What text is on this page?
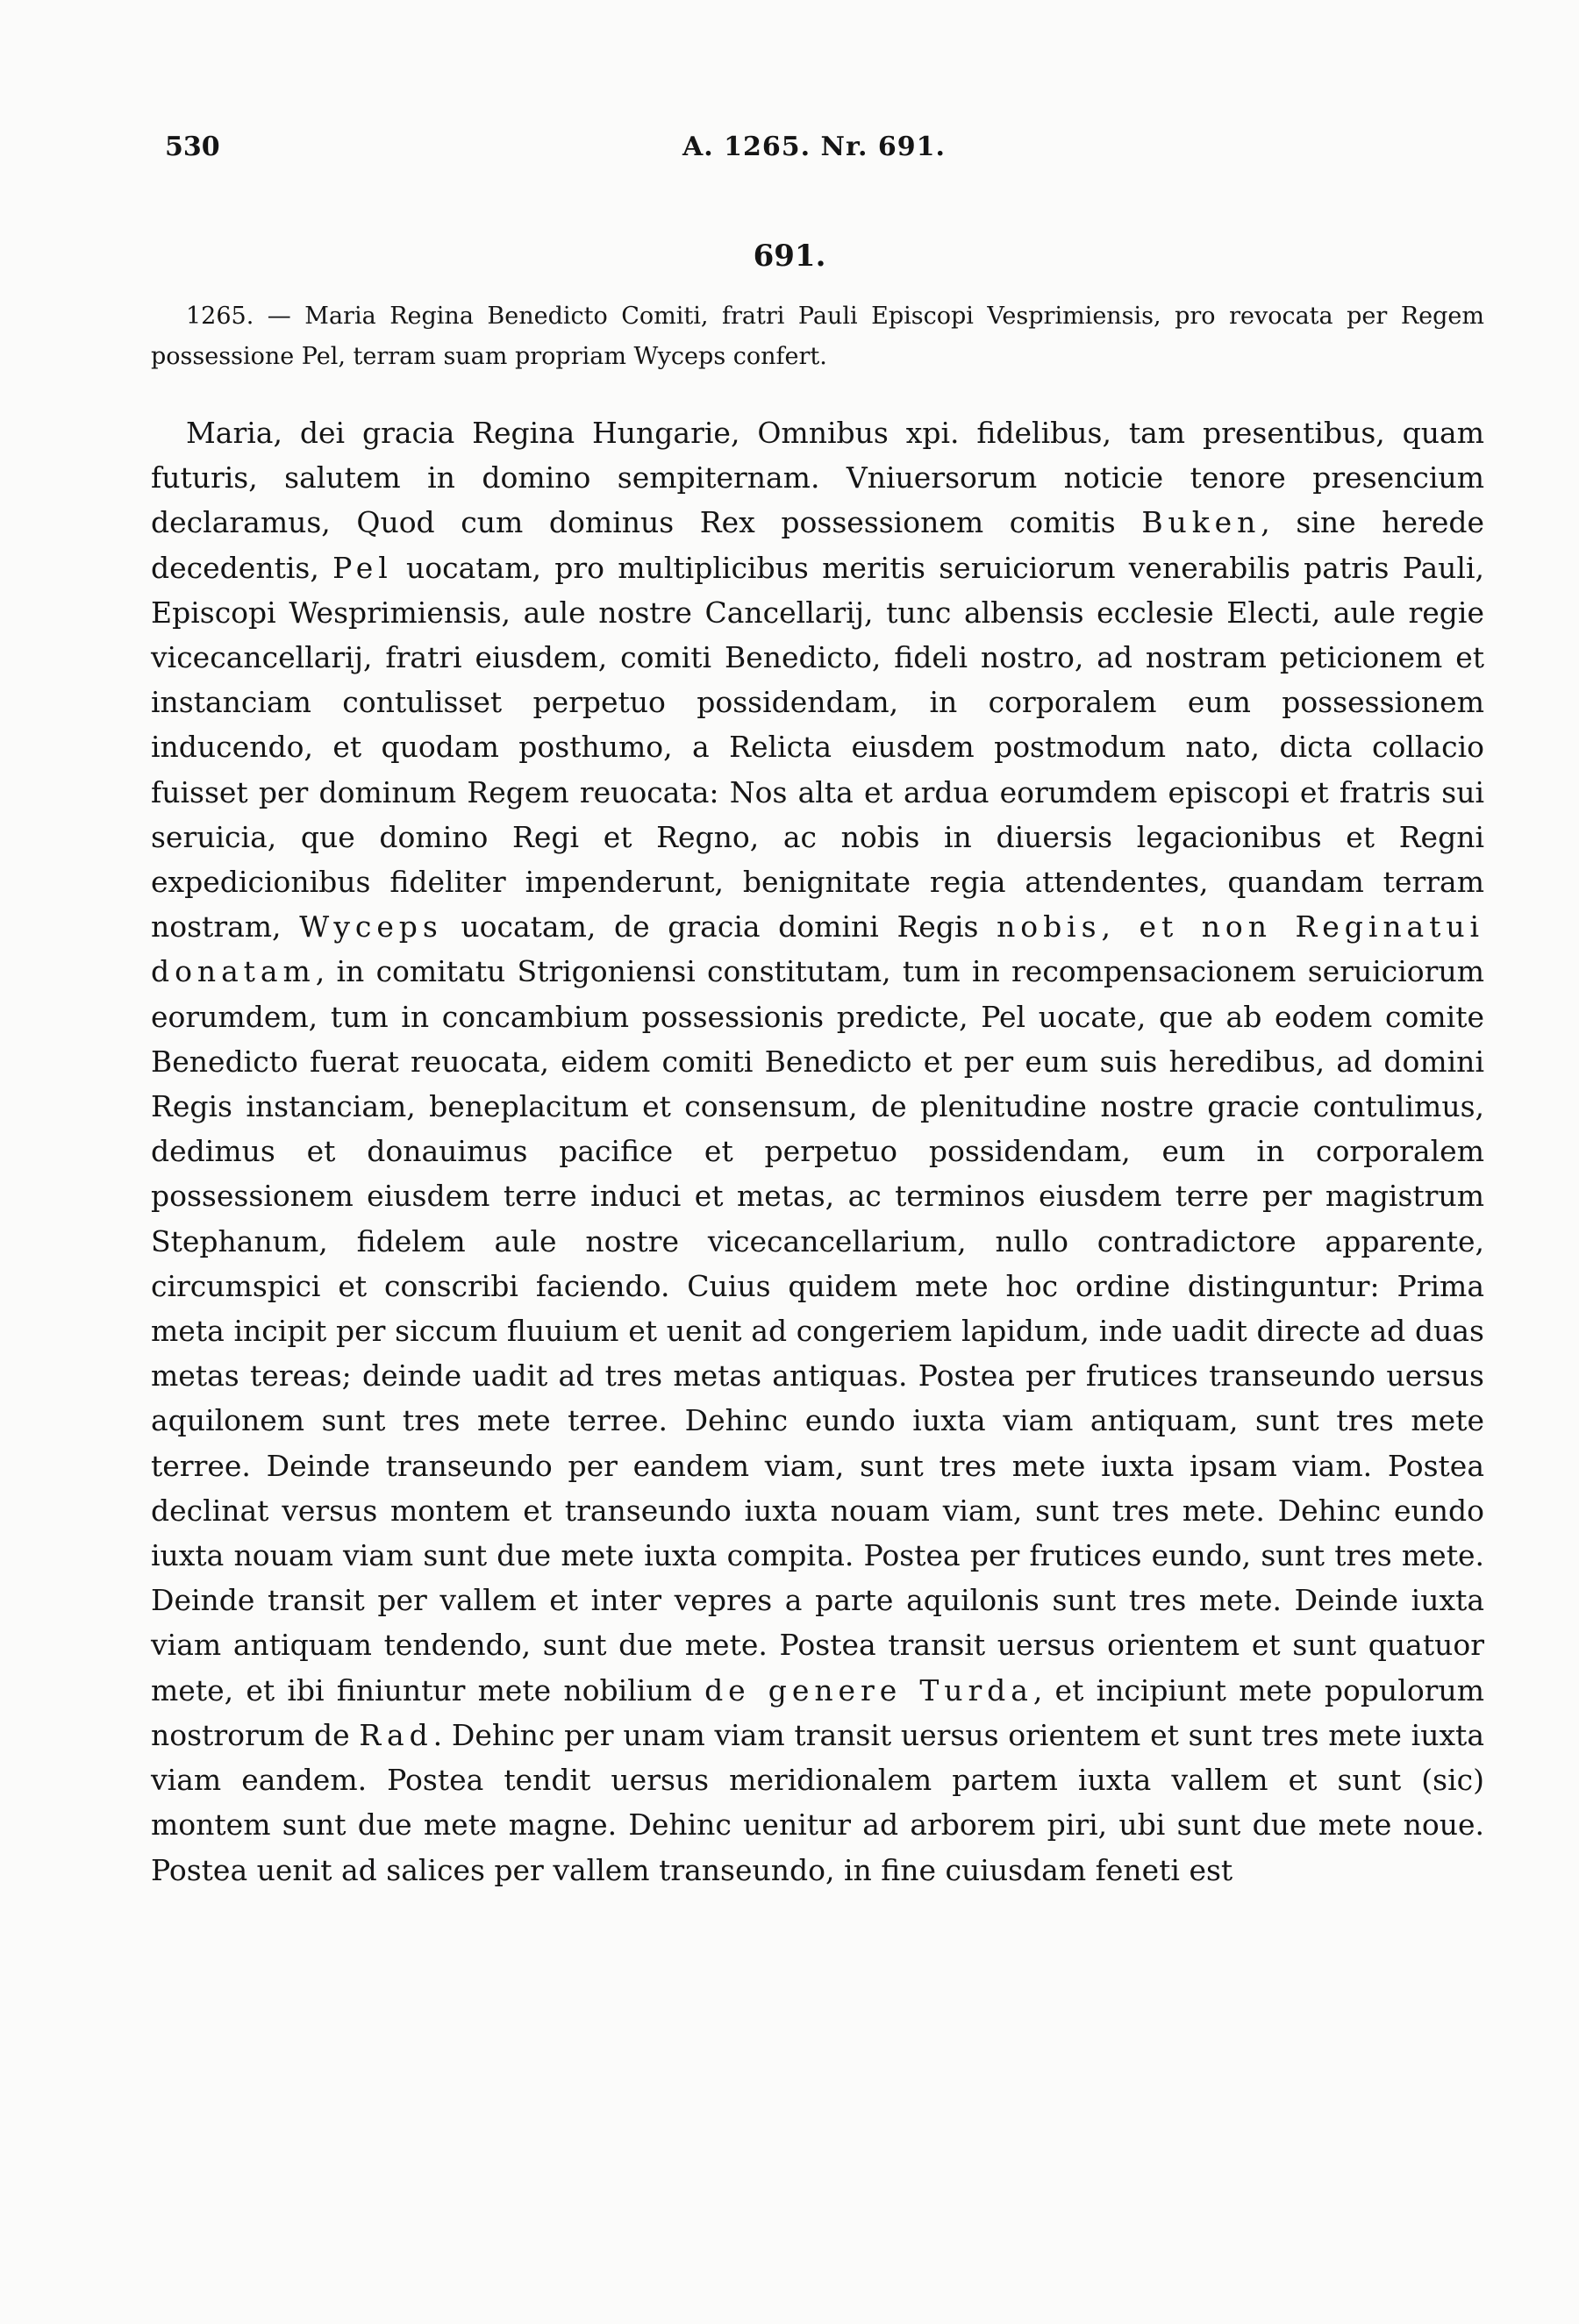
530	A. 1265. Nr. 691.
691.

1265. — Maria Regina Benedicto Comiti, fratri Pauli Episcopi Vesprimiensis, pro revocata per Regem possessione Pel, terram suam propriam Wyceps confert.

Maria, dei gracia Regina Hungarie, Omnibus xpi. fidelibus, tam presentibus, quam futuris, salutem in domino sempiternam. Vniuersorum noticie tenore presencium declaramus, Quod cum dominus Rex possessionem comitis Buken, sine herede decedentis, Pel uocatam, pro multiplicibus meritis seruiciorum venerabilis patris Pauli, Episcopi Wesprimiensis, aule nostre Cancellarij, tunc albensis ecclesie Electi, aule regie vicecancellarij, fratri eiusdem, comiti Benedicto, fideli nostro, ad nostram peticionem et instanciam contulisset perpetuo possidendam, in corporalem eum possessionem inducendo, et quodam posthumo, a Relicta eiusdem postmodum nato, dicta collacio fuisset per dominum Regem reuocata: Nos alta et ardua eorumdem episcopi et fratris sui seruicia, que domino Regi et Regno, ac nobis in diuersis legacionibus et Regni expedicionibus fideliter impenderunt, benignitate regia attendentes, quandam terram nostram, Wyceps uocatam, de gracia domini Regis nobis, et non Reginatui donatam, in comitatu Strigoniensi constitutam, tum in recompensacionem seruiciorum eorumdem, tum in concambium possessionis predicte, Pel uocate, que ab eodem comite Benedicto fuerat reuocata, eidem comiti Benedicto et per eum suis heredibus, ad domini Regis instanciam, beneplacitum et consensum, de plenitudine nostre gracie contulimus, dedimus et donauimus pacifice et perpetuo possidendam, eum in corporalem possessionem eiusdem terre induci et metas, ac terminos eiusdem terre per magistrum Stephanum, fidelem aule nostre vicecancellarium, nullo contradictore apparente, circumspici et conscribi faciendo. Cuius quidem mete hoc ordine distinguntur: Prima meta incipit per siccum fluuium et uenit ad congeriem lapidum, inde uadit directe ad duas metas tereas; deinde uadit ad tres metas antiquas. Postea per frutices transeundo uersus aquilonem sunt tres mete terree. Dehinc eundo iuxta viam antiquam, sunt tres mete terree. Deinde transeundo per eandem viam, sunt tres mete iuxta ipsam viam. Postea declinat versus montem et transeundo iuxta nouam viam, sunt tres mete. Dehinc eundo iuxta nouam viam sunt due mete iuxta compita. Postea per frutices eundo, sunt tres mete. Deinde transit per vallem et inter vepres a parte aquilonis sunt tres mete. Deinde iuxta viam antiquam tendendo, sunt due mete. Postea transit uersus orientem et sunt quatuor mete, et ibi finiuntur mete nobilium de genere Turda, et incipiunt mete populorum nostrorum de Rad. Dehinc per unam viam transit uersus orientem et sunt tres mete iuxta viam eandem. Postea tendit uersus meridionalem partem iuxta vallem et sunt (sic) montem sunt due mete magne. Dehinc uenitur ad arborem piri, ubi sunt due mete noue. Postea uenit ad salices per vallem transeundo, in fine cuiusdam feneti est
